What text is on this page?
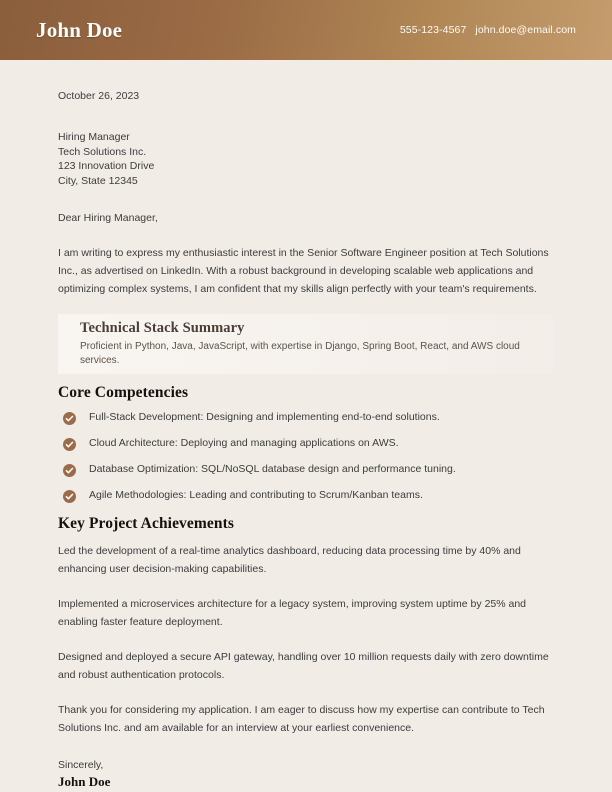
John Doe	555-123-4567 john.doe@email.com
October 26, 2023
Hiring Manager
Tech Solutions Inc.
123 Innovation Drive
City, State 12345
Dear Hiring Manager,

I am writing to express my enthusiastic interest in the Senior Software Engineer position at Tech Solutions Inc., as advertised on LinkedIn. With a robust background in developing scalable web applications and optimizing complex systems, I am confident that my skills align perfectly with your team's requirements.

Technical Stack Summary
Proficient in Python, Java, JavaScript, with expertise in Django, Spring Boot, React, and AWS cloud services.
Core Competencies
Full-Stack Development: Designing and implementing end-to-end solutions.
Cloud Architecture: Deploying and managing applications on AWS.
Database Optimization: SQL/NoSQL database design and performance tuning.
Agile Methodologies: Leading and contributing to Scrum/Kanban teams.
Key Project Achievements

Led the development of a real-time analytics dashboard, reducing data processing time by 40% and enhancing user decision-making capabilities.

Implemented a microservices architecture for a legacy system, improving system uptime by 25% and enabling faster feature deployment.

Designed and deployed a secure API gateway, handling over 10 million requests daily with zero downtime and robust authentication protocols.

Thank you for considering my application. I am eager to discuss how my expertise can contribute to Tech Solutions Inc. and am available for an interview at your earliest convenience.

Sincerely,
John Doe
